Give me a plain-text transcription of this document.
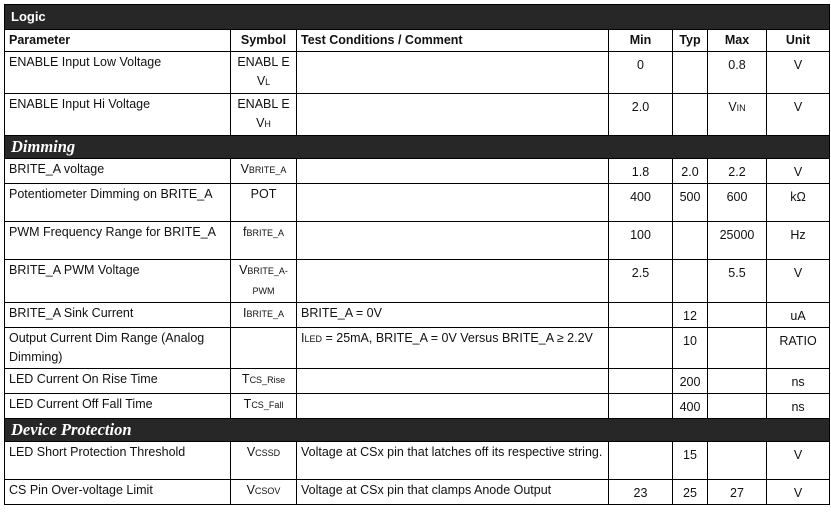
Logic						
Parameter	Symbol	Test Conditions / Comment	Min	Typ	Max	Unit
ENABLE Input Low Voltage	ENABL E VL		0		0.8	V
ENABLE Input Hi Voltage	ENABL E VH		2.0		VIN	V
Dimming						
BRITE_A voltage	VBRITE_A		1.8	2.0	2.2	V
Potentiometer Dimming on BRITE_A	POT		400	500	600	kΩ
PWM Frequency Range for BRITE_A	fBRITE_A		100		25000	Hz
BRITE_A PWM Voltage	VBRITE_A-PWM		2.5		5.5	V
BRITE_A Sink Current	IBRITE_A	BRITE_A = 0V		12		uA
Output Current Dim Range (Analog Dimming)		ILED = 25mA, BRITE_A = 0V Versus BRITE_A ≥ 2.2V		10		RATIO
LED Current On Rise Time	TCS_Rise			200		ns
LED Current Off Fall Time	TCS_Fall			400		ns
Device Protection						
LED Short Protection Threshold	VCSSD	Voltage at CSx pin that latches off its respective string.		15		V
CS Pin Over-voltage Limit	VCSOV	Voltage at CSx pin that clamps Anode Output	23	25	27	V
